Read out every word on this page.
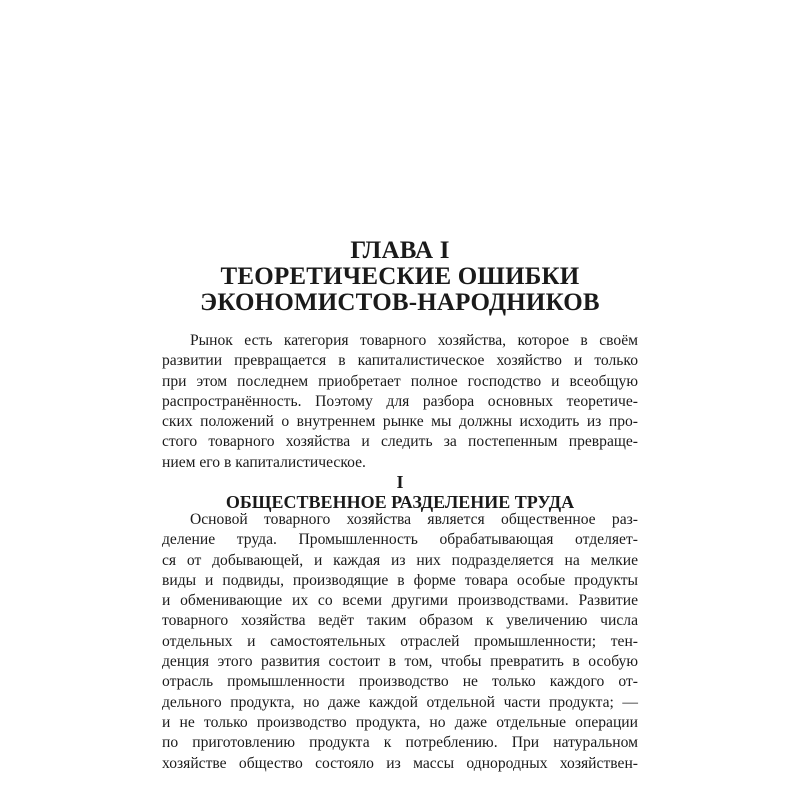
ГЛАВА I
ТЕОРЕТИЧЕСКИЕ ОШИБКИ
ЭКОНОМИСТОВ-НАРОДНИКОВ
Рынок есть категория товарного хозяйства, которое в своём
развитии превращается в капиталистическое хозяйство и только
при этом последнем приобретает полное господство и всеобщую
распространённость. Поэтому для разбора основных теоретиче-
ских положений о внутреннем рынке мы должны исходить из про-
стого товарного хозяйства и следить за постепенным превраще-
нием его в капиталистическое.
I
ОБЩЕСТВЕННОЕ РАЗДЕЛЕНИЕ ТРУДА
Основой товарного хозяйства является общественное раз-
деление труда. Промышленность обрабатывающая отделяет-
ся от добывающей, и каждая из них подразделяется на мелкие
виды и подвиды, производящие в форме товара особые продукты
и обменивающие их со всеми другими производствами. Развитие
товарного хозяйства ведёт таким образом к увеличению числа
отдельных и самостоятельных отраслей промышленности; тен-
денция этого развития состоит в том, чтобы превратить в особую
отрасль промышленности производство не только каждого от-
дельного продукта, но даже каждой отдельной части продукта; —
и не только производство продукта, но даже отдельные операции
по приготовлению продукта к потреблению. При натуральном
хозяйстве общество состояло из массы однородных хозяйствен-
